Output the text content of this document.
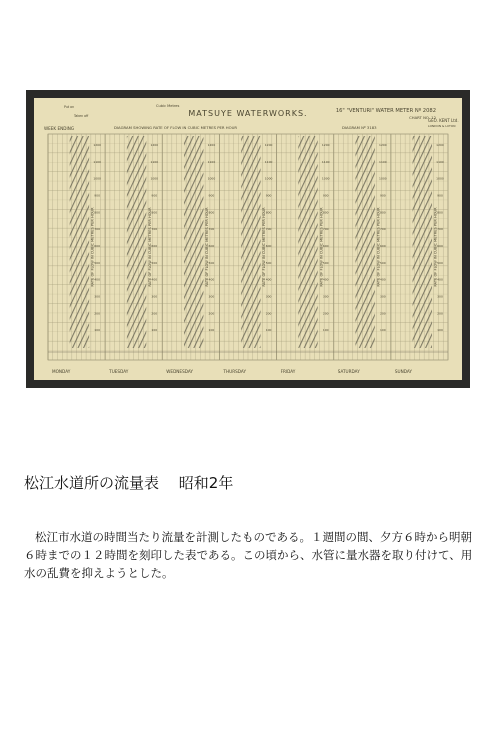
100
200
300
400
500
600
700
800
900
1000
1100
1200
RATE OF FLOW IN CUBIC METRES PER HOUR
MONDAY
100
200
300
400
500
600
700
800
900
1000
1100
1200
RATE OF FLOW IN CUBIC METRES PER HOUR
TUESDAY
100
200
300
400
500
600
700
800
900
1000
1100
1200
RATE OF FLOW IN CUBIC METRES PER HOUR
WEDNESDAY
100
200
300
400
500
600
700
800
900
1000
1100
1200
RATE OF FLOW IN CUBIC METRES PER HOUR
THURSDAY
100
200
300
400
500
600
700
800
900
1000
1100
1200
RATE OF FLOW IN CUBIC METRES PER HOUR
FRIDAY
100
200
300
400
500
600
700
800
900
1000
1100
1200
RATE OF FLOW IN CUBIC METRES PER HOUR
SATURDAY
100
200
300
400
500
600
700
800
900
1000
1100
1200
RATE OF FLOW IN CUBIC METRES PER HOUR
SUNDAY
MATSUYE WATERWORKS.	16" "VENTURI" WATER METER Nº 2082
CHART NO. 12
DIAGRAM SHOWING RATE OF FLOW IN CUBIC METRES PER HOUR	DIAGRAM Nº 3183
WEEK ENDING
Cubic Metres
Put on
Taken off
GEO. KENT Ltd.
LONDON & LUTON
松江水道所の流量表　 昭和2年

松江市水道の時間当たり流量を計測したものである。１週間の間、夕方６時から明朝６時までの１２時間を刻印した表である。この頃から、水管に量水器を取り付けて、用水の乱費を抑えようとした。
